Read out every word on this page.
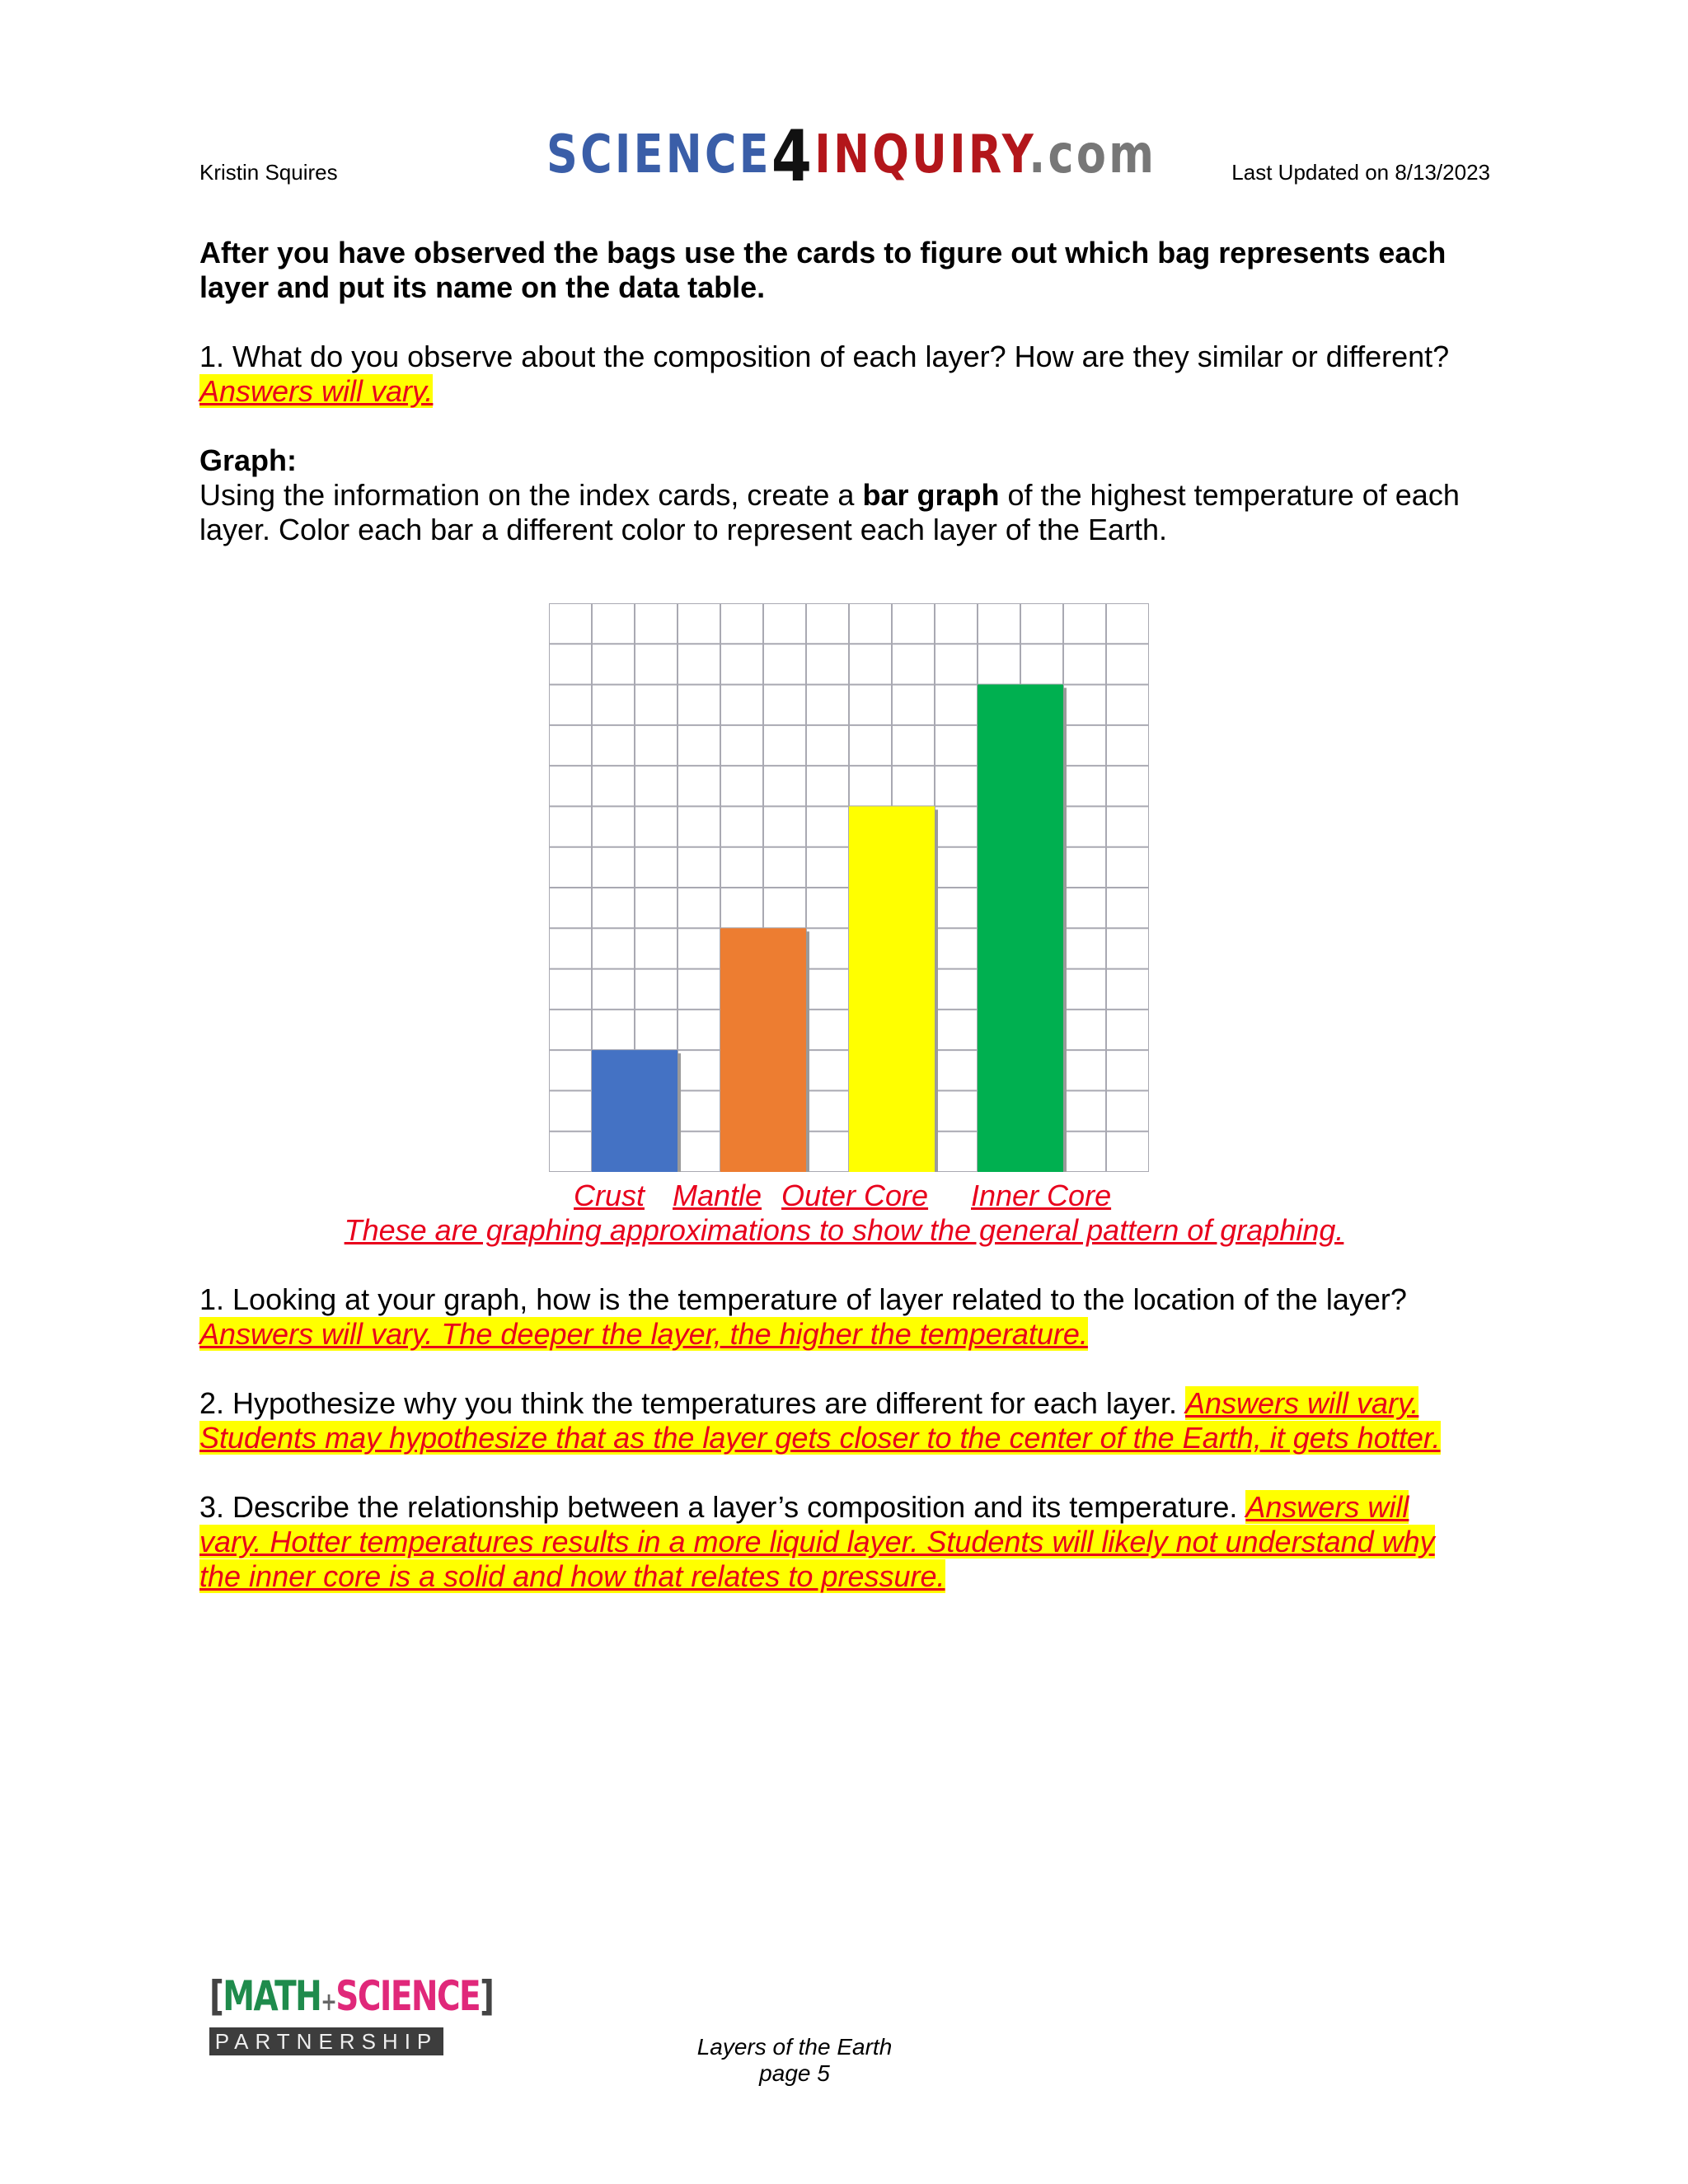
Kristin Squires	SCIENCE4INQUIRY.com	Last Updated on 8/13/2023
After you have observed the bags use the cards to figure out which bag represents each layer and put its name on the data table.
1. What do you observe about the composition of each layer? How are they similar or different?
Answers will vary.
Graph:
Using the information on the index cards, create a bar graph of the highest temperature of each layer. Color each bar a different color to represent each layer of the Earth.
Crust Mantle Outer Core Inner Core
These are graphing approximations to show the general pattern of graphing.
1. Looking at your graph, how is the temperature of layer related to the location of the layer?
Answers will vary. The deeper the layer, the higher the temperature.
2. Hypothesize why you think the temperatures are different for each layer. Answers will vary.
Students may hypothesize that as the layer gets closer to the center of the Earth, it gets hotter.
3. Describe the relationship between a layer’s composition and its temperature. Answers will
vary. Hotter temperatures results in a more liquid layer. Students will likely not understand why
the inner core is a solid and how that relates to pressure.
[MATH+SCIENCE]
PARTNERSHIP	Layers of the Earth
page 5
